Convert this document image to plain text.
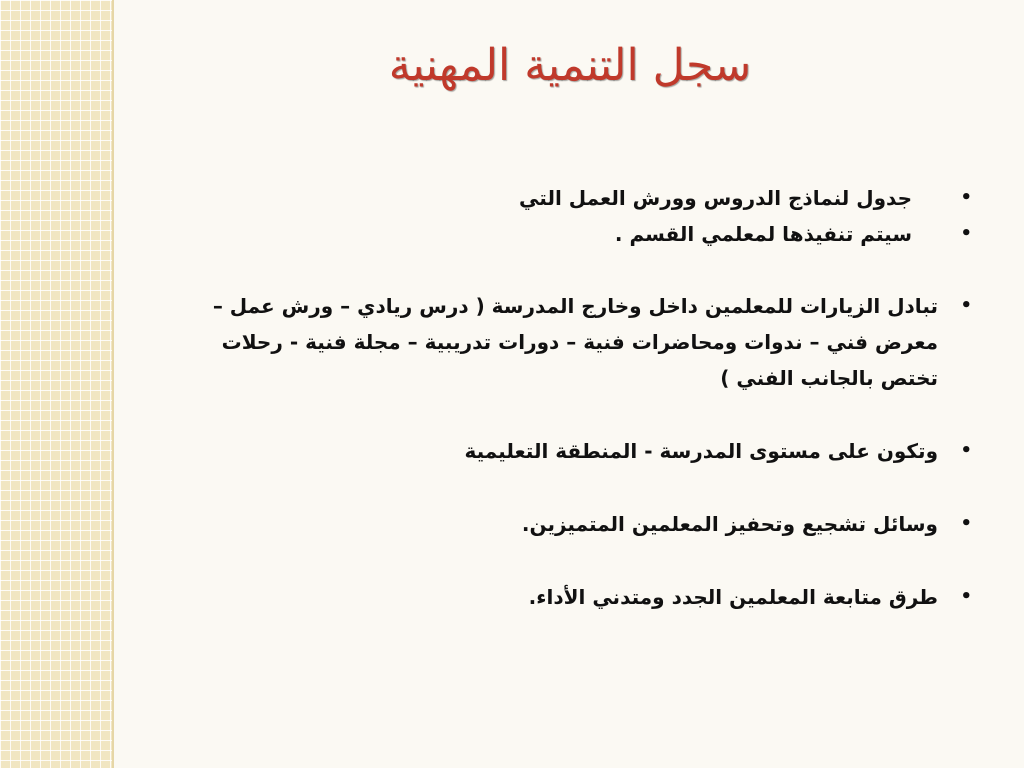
سجل التنمية المهنية
•
جدول لنماذج الدروس وورش العمل التي
•
سيتم تنفيذها لمعلمي القسم .
•
تبادل الزيارات للمعلمين داخل وخارج المدرسة ( درس ريادي – ورش عمل – معرض فني – ندوات ومحاضرات فنية – دورات تدريبية – مجلة فنية - رحلات تختص بالجانب الفني )
•
وتكون على مستوى المدرسة - المنطقة التعليمية
•
وسائل تشجيع وتحفيز المعلمين المتميزين.
•
طرق متابعة المعلمين الجدد ومتدني الأداء.
